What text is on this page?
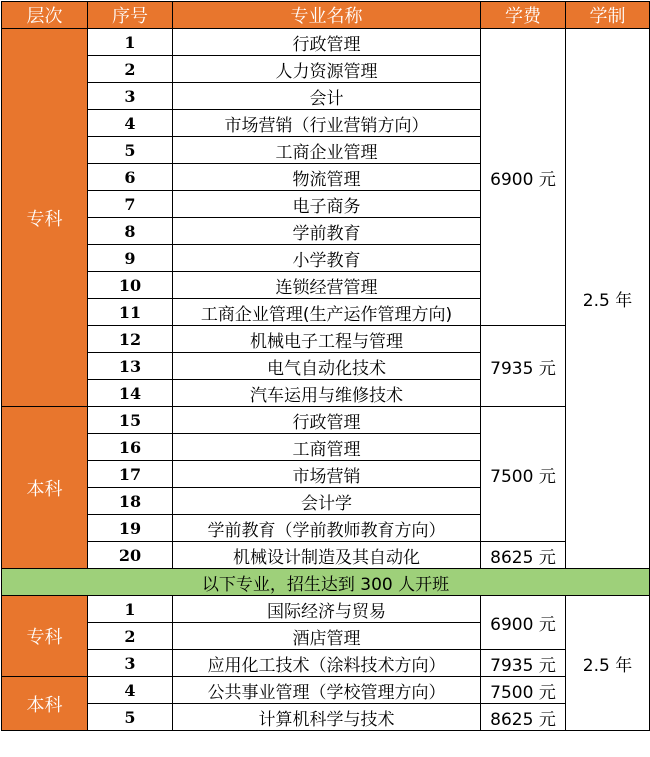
层次	序号	专业名称	学费	学制
专科	1	行政管理	6900 元	2.5 年
	2	人力资源管理		
	3	会计		
	4	市场营销（行业营销方向）		
	5	工商企业管理		
	6	物流管理		
	7	电子商务		
	8	学前教育		
	9	小学教育		
	10	连锁经营管理		
	11	工商企业管理(生产运作管理方向)		
	12	机械电子工程与管理	7935 元	
	13	电气自动化技术		
	14	汽车运用与维修技术		
本科	15	行政管理	7500 元	
	16	工商管理		
	17	市场营销		
	18	会计学		
	19	学前教育（学前教师教育方向）		
	20	机械设计制造及其自动化	8625 元	
以下专业，招生达到 300 人开班				
专科	1	国际经济与贸易	6900 元	2.5 年
	2	酒店管理		
	3	应用化工技术（涂料技术方向）	7935 元	
本科	4	公共事业管理（学校管理方向）	7500 元	
	5	计算机科学与技术	8625 元	
